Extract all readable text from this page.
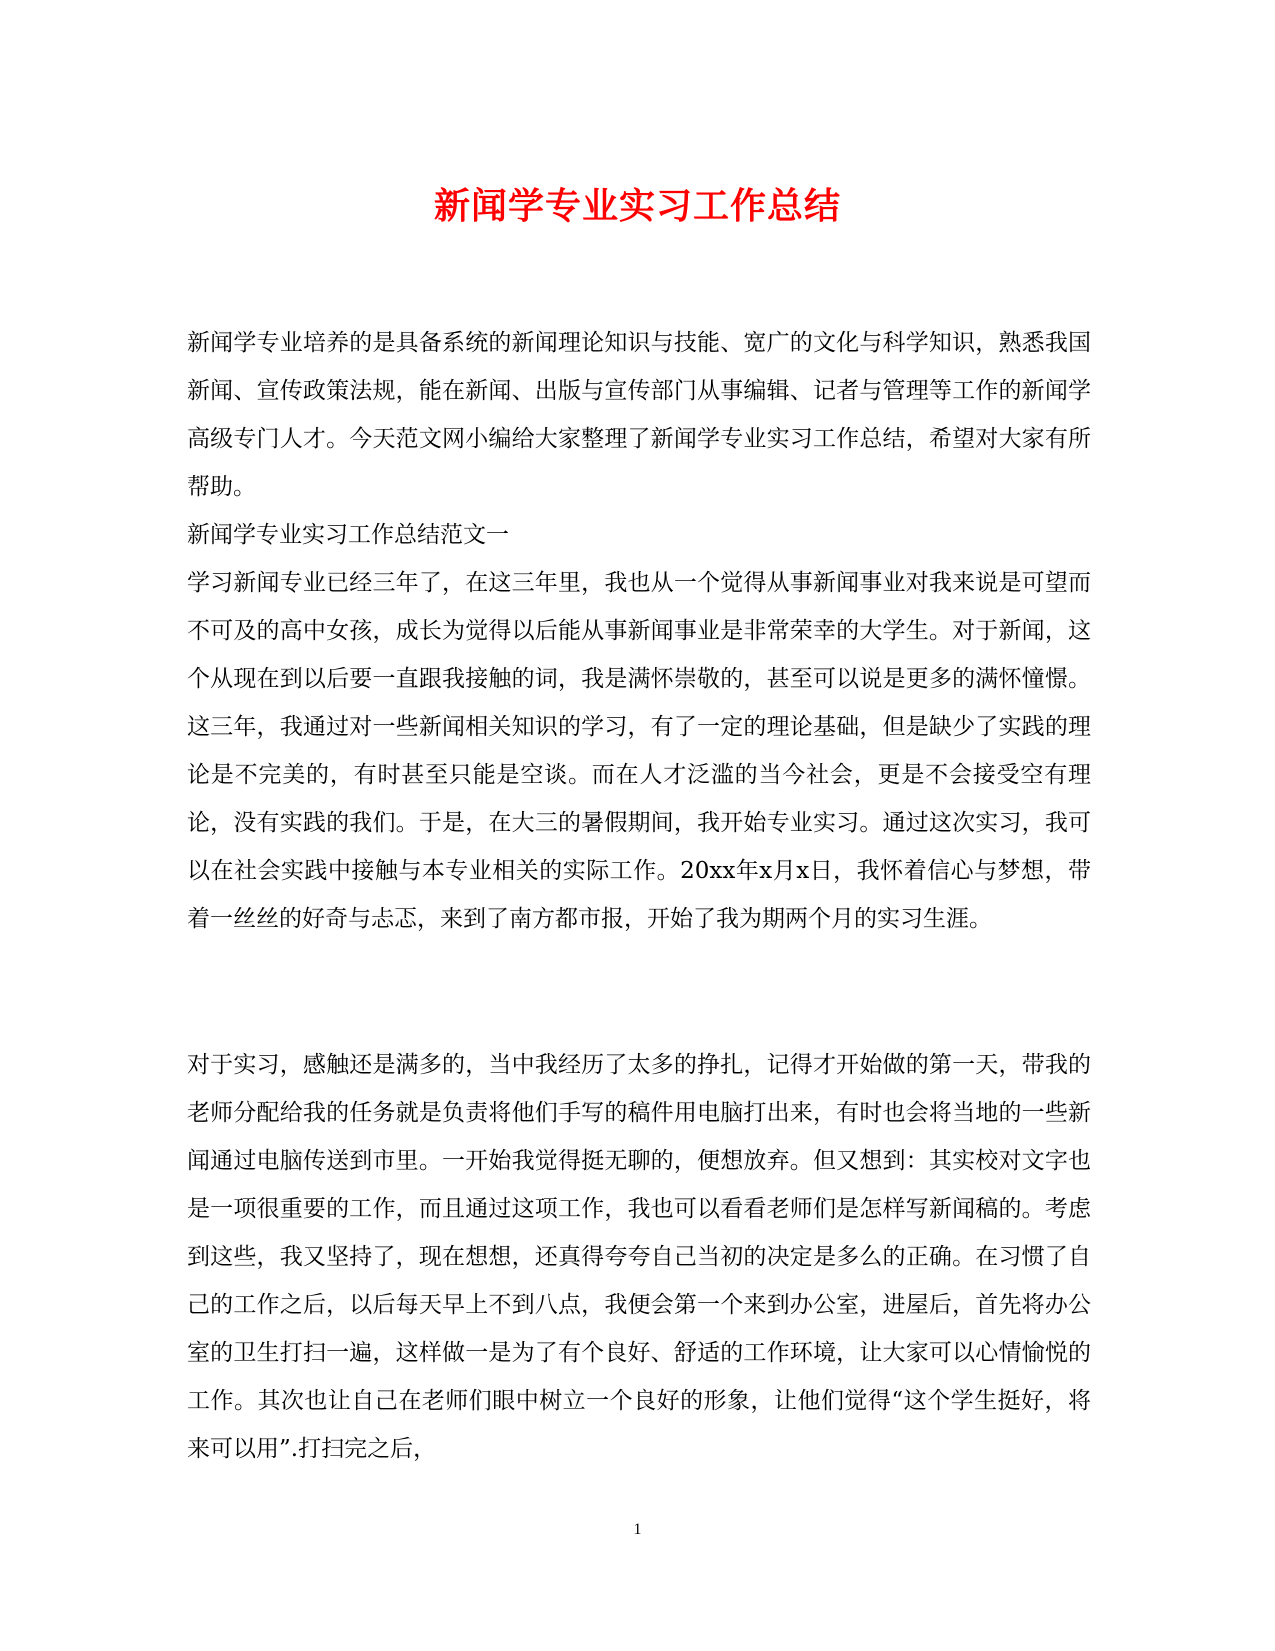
新闻学专业实习工作总结

新闻学专业培养的是具备系统的新闻理论知识与技能、宽广的文化与科学知识，熟悉我国新闻、宣传政策法规，能在新闻、出版与宣传部门从事编辑、记者与管理等工作的新闻学高级专门人才。今天范文网小编给大家整理了新闻学专业实习工作总结，希望对大家有所帮助。

新闻学专业实习工作总结范文一

学习新闻专业已经三年了，在这三年里，我也从一个觉得从事新闻事业对我来说是可望而不可及的高中女孩，成长为觉得以后能从事新闻事业是非常荣幸的大学生。对于新闻，这个从现在到以后要一直跟我接触的词，我是满怀崇敬的，甚至可以说是更多的满怀憧憬。这三年，我通过对一些新闻相关知识的学习，有了一定的理论基础，但是缺少了实践的理论是不完美的，有时甚至只能是空谈。而在人才泛滥的当今社会，更是不会接受空有理论，没有实践的我们。于是，在大三的暑假期间，我开始专业实习。通过这次实习，我可以在社会实践中接触与本专业相关的实际工作。20xx年x月x日，我怀着信心与梦想，带着一丝丝的好奇与忐忑，来到了南方都市报，开始了我为期两个月的实习生涯。

对于实习，感触还是满多的，当中我经历了太多的挣扎，记得才开始做的第一天，带我的老师分配给我的任务就是负责将他们手写的稿件用电脑打出来，有时也会将当地的一些新闻通过电脑传送到市里。一开始我觉得挺无聊的，便想放弃。但又想到：其实校对文字也是一项很重要的工作，而且通过这项工作，我也可以看看老师们是怎样写新闻稿的。考虑到这些，我又坚持了，现在想想，还真得夸夸自己当初的决定是多么的正确。在习惯了自己的工作之后，以后每天早上不到八点，我便会第一个来到办公室，进屋后，首先将办公室的卫生打扫一遍，这样做一是为了有个良好、舒适的工作环境，让大家可以心情愉悦的工作。其次也让自己在老师们眼中树立一个良好的形象，让他们觉得“这个学生挺好，将来可以用”.打扫完之后，

1
